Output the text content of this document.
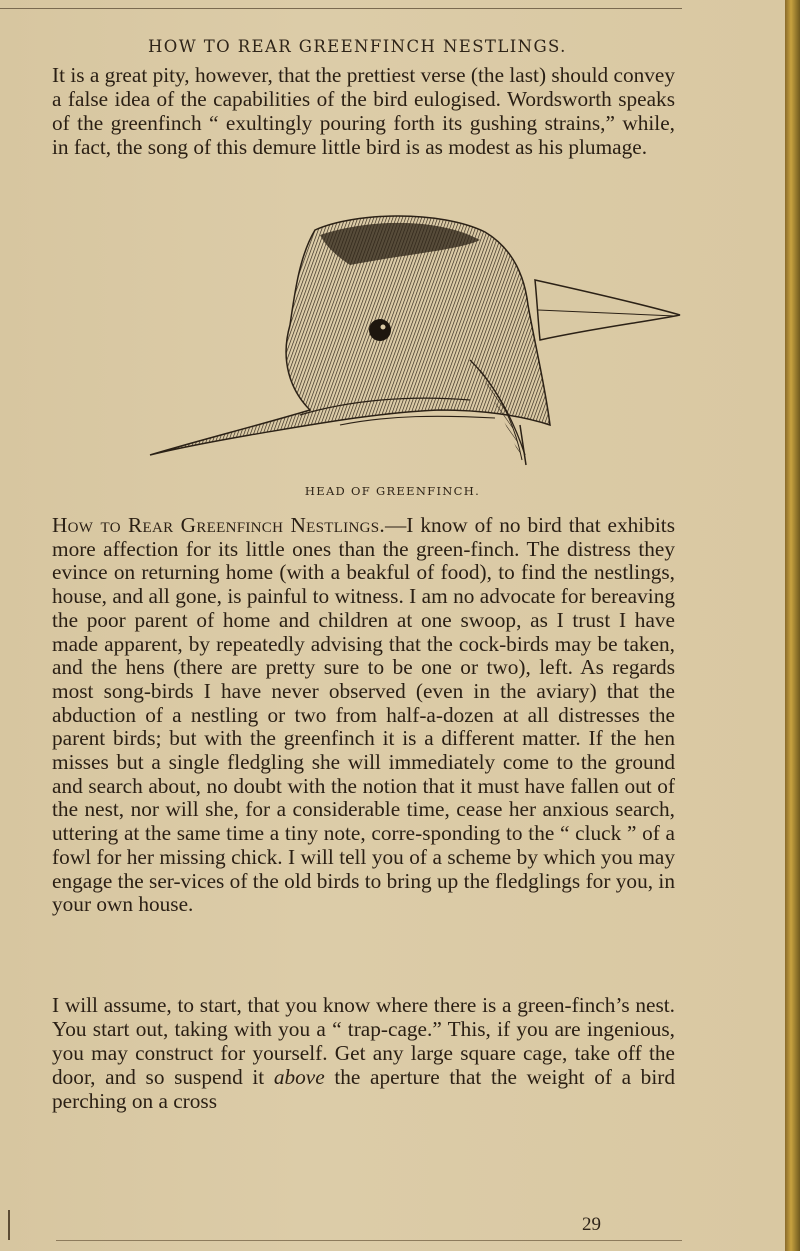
HOW TO REAR GREENFINCH NESTLINGS.

It is a great pity, however, that the prettiest verse (the last) should convey a false idea of the capabilities of the bird eulogised. Wordsworth speaks of the greenfinch “ exultingly pouring forth its gushing strains,” while, in fact, the song of this demure little bird is as modest as his plumage.

HEAD OF GREENFINCH.

How to Rear Greenfinch Nestlings.—I know of no bird that exhibits more affection for its little ones than the green-finch. The distress they evince on returning home (with a beakful of food), to find the nestlings, house, and all gone, is painful to witness. I am no advocate for bereaving the poor parent of home and children at one swoop, as I trust I have made apparent, by repeatedly advising that the cock-birds may be taken, and the hens (there are pretty sure to be one or two), left. As regards most song-birds I have never observed (even in the aviary) that the abduction of a nestling or two from half-a-dozen at all distresses the parent birds; but with the greenfinch it is a different matter. If the hen misses but a single fledgling she will immediately come to the ground and search about, no doubt with the notion that it must have fallen out of the nest, nor will she, for a considerable time, cease her anxious search, uttering at the same time a tiny note, corre-sponding to the “ cluck ” of a fowl for her missing chick. I will tell you of a scheme by which you may engage the ser-vices of the old birds to bring up the fledglings for you, in your own house.

I will assume, to start, that you know where there is a green-finch’s nest. You start out, taking with you a “ trap-cage.” This, if you are ingenious, you may construct for yourself. Get any large square cage, take off the door, and so suspend it above the aperture that the weight of a bird perching on a cross

29
